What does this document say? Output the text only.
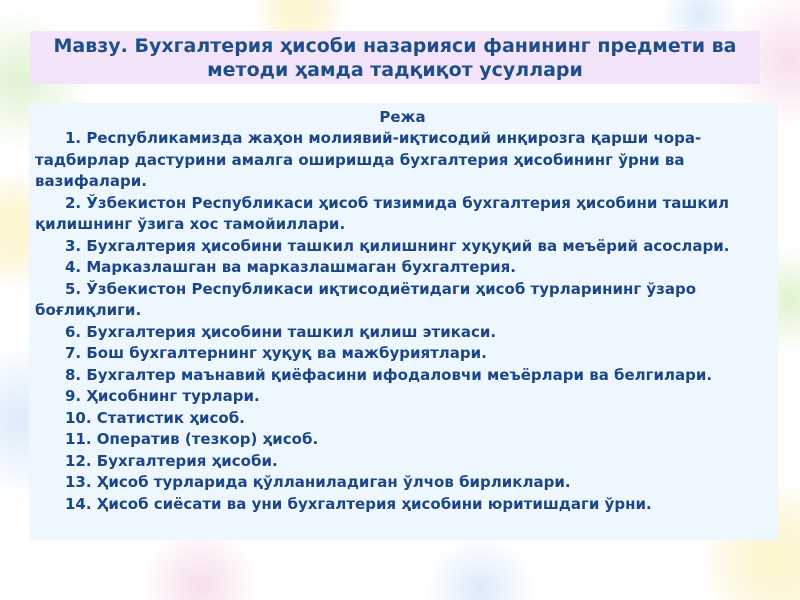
Мавзу. Бухгалтерия ҳисоби назарияси фанининг предмети ва

методи ҳамда тадқиқот усуллари

Режа

1. Республикамизда жаҳон молиявий-иқтисодий инқирозга қарши чора-тадбирлар дастурини амалга оширишда бухгалтерия ҳисобининг ўрни ва вазифалари.
2. Ўзбекистон Республикаси ҳисоб тизимида бухгалтерия ҳисобини ташкил қилишнинг ўзига хос тамойиллари.
3. Бухгалтерия ҳисобини ташкил қилишнинг хуқуқий ва меъёрий асослари.
4. Марказлашган ва марказлашмаган бухгалтерия.
5. Ўзбекистон Республикаси иқтисодиётидаги ҳисоб турларининг ўзаро боғлиқлиги.
6. Бухгалтерия ҳисобини ташкил қилиш этикаси.
7. Бош бухгалтернинг ҳуқуқ ва мажбуриятлари.
8. Бухгалтер маънавий қиёфасини ифодаловчи меъёрлари ва белгилари.
9. Ҳисобнинг турлари.
10. Статистик ҳисоб.
11. Оператив (тезкор) ҳисоб.
12. Бухгалтерия ҳисоби.
13. Ҳисоб турларида қўлланиладиган ўлчов бирликлари.
14. Ҳисоб сиёсати ва уни бухгалтерия ҳисобини юритишдаги ўрни.
